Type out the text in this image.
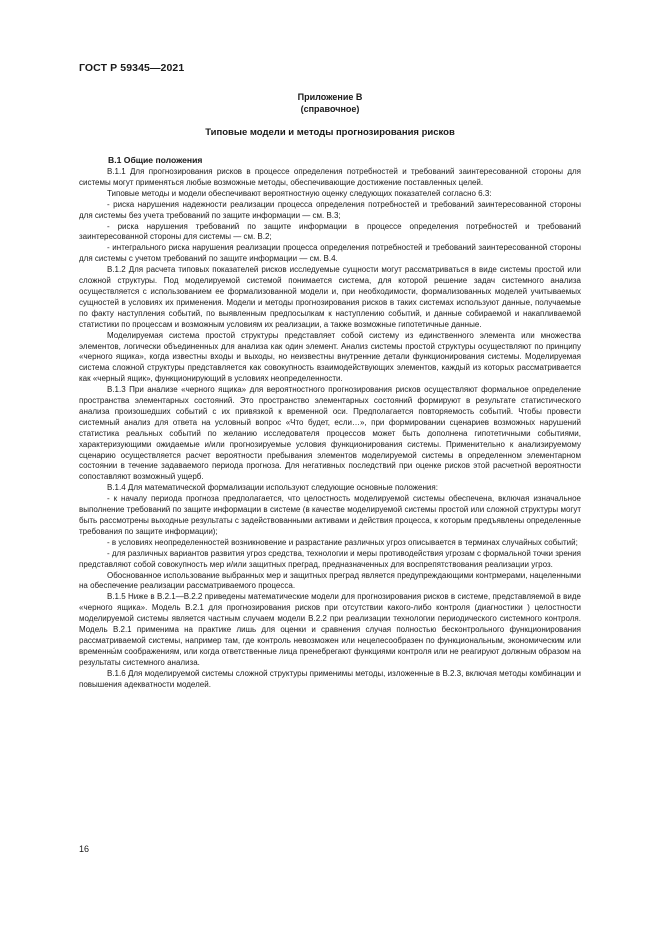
ГОСТ Р 59345—2021
Приложение В
(справочное)
Типовые модели и методы прогнозирования рисков
В.1 Общие положения

В.1.1 Для прогнозирования рисков в процессе определения потребностей и требований заинтересованной стороны для системы могут применяться любые возможные методы, обеспечивающие достижение поставленных целей.

Типовые методы и модели обеспечивают вероятностную оценку следующих показателей согласно 6.3:

- риска нарушения надежности реализации процесса определения потребностей и требований заинтересованной стороны для системы без учета требований по защите информации — см. В.3;

- риска нарушения требований по защите информации в процессе определения потребностей и требований заинтересованной стороны для системы — см. В.2;

- интегрального риска нарушения реализации процесса определения потребностей и требований заинтересованной стороны для системы с учетом требований по защите информации — см. В.4.

В.1.2 Для расчета типовых показателей рисков исследуемые сущности могут рассматриваться в виде системы простой или сложной структуры. Под моделируемой системой понимается система, для которой решение задач системного анализа осуществляется с использованием ее формализованной модели и, при необходимости, формализованных моделей учитываемых сущностей в условиях их применения. Модели и методы прогнозирования рисков в таких системах используют данные, получаемые по факту наступления событий, по выявленным предпосылкам к наступлению событий, и данные собираемой и накапливаемой статистики по процессам и возможным условиям их реализации, а также возможные гипотетичные данные.

Моделируемая система простой структуры представляет собой систему из единственного элемента или множества элементов, логически объединенных для анализа как один элемент. Анализ системы простой структуры осуществляют по принципу «черного ящика», когда известны входы и выходы, но неизвестны внутренние детали функционирования системы. Моделируемая система сложной структуры представляется как совокупность взаимодействующих элементов, каждый из которых рассматривается как «черный ящик», функционирующий в условиях неопределенности.

В.1.3 При анализе «черного ящика» для вероятностного прогнозирования рисков осуществляют формальное определение пространства элементарных состояний. Это пространство элементарных состояний формируют в результате статистического анализа произошедших событий с их привязкой к временной оси. Предполагается повторяемость событий. Чтобы провести системный анализ для ответа на условный вопрос «Что будет, если…», при формировании сценариев возможных нарушений статистика реальных событий по желанию исследователя процессов может быть дополнена гипотетичными событиями, характеризующими ожидаемые и/или прогнозируемые условия функционирования системы. Применительно к анализируемому сценарию осуществляется расчет вероятности пребывания элементов моделируемой системы в определенном элементарном состоянии в течение задаваемого периода прогноза. Для негативных последствий при оценке рисков этой расчетной вероятности сопоставляют возможный ущерб.

В.1.4 Для математической формализации используют следующие основные положения:

- к началу периода прогноза предполагается, что целостность моделируемой системы обеспечена, включая изначальное выполнение требований по защите информации в системе (в качестве моделируемой системы простой или сложной структуры могут быть рассмотрены выходные результаты с задействованными активами и действия процесса, к которым предъявлены определенные требования по защите информации);

- в условиях неопределенностей возникновение и разрастание различных угроз описывается в терминах случайных событий;

- для различных вариантов развития угроз средства, технологии и меры противодействия угрозам с формальной точки зрения представляют собой совокупность мер и/или защитных преград, предназначенных для воспрепятствования реализации угроз.

Обоснованное использование выбранных мер и защитных преград является предупреждающими контрмерами, нацеленными на обеспечение реализации рассматриваемого процесса.

В.1.5 Ниже в В.2.1—В.2.2 приведены математические модели для прогнозирования рисков в системе, представляемой в виде «черного ящика». Модель В.2.1 для прогнозирования рисков при отсутствии какого-либо контроля (диагностики ) целостности моделируемой системы является частным случаем модели В.2.2 при реализации технологии периодического системного контроля. Модель В.2.1 применима на практике лишь для оценки и сравнения случая полностью бесконтрольного функционирования рассматриваемой системы, например там, где контроль невозможен или нецелесообразен по функциональным, экономическим или временны́м соображениям, или когда ответственные лица пренебрегают функциями контроля или не реагируют должным образом на результаты системного анализа.

В.1.6 Для моделируемой системы сложной структуры применимы методы, изложенные в В.2.3, включая методы комбинации и повышения адекватности моделей.

16
